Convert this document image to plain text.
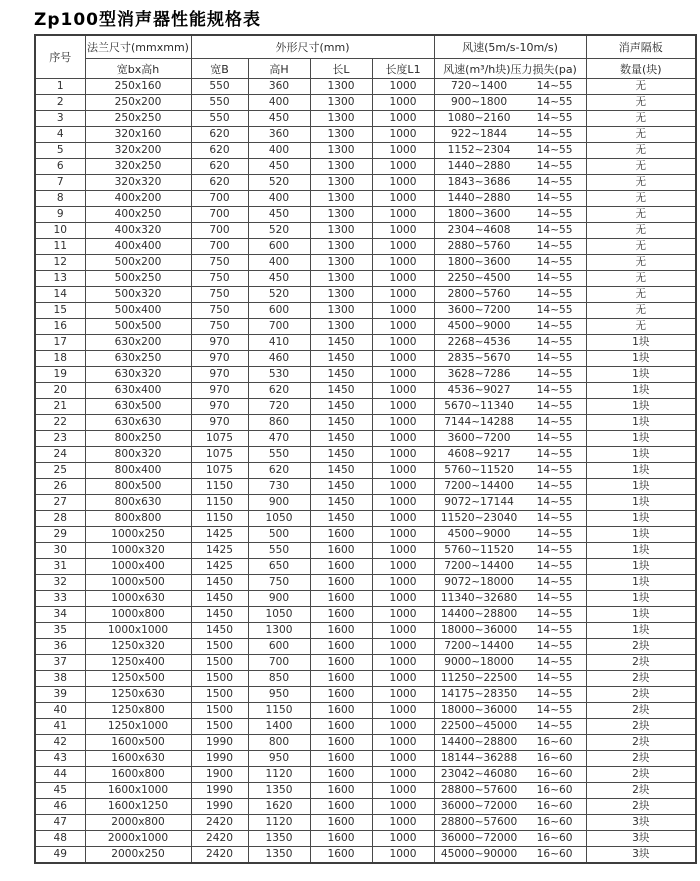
Zp100型消声器性能规格表
序号	法兰尺寸(mmxmm)	外形尺寸(mm)				风速(5m/s-10m/s)	消声隔板
	宽bx高h	宽B	高H	长L	长度L1	风速(m³/h块)压力损失(pa)	数量(块)
1	250x160	550	360	1300	1000	720~1400 14~55	无
2	250x200	550	400	1300	1000	900~1800 14~55	无
3	250x250	550	450	1300	1000	1080~2160 14~55	无
4	320x160	620	360	1300	1000	922~1844 14~55	无
5	320x200	620	400	1300	1000	1152~2304 14~55	无
6	320x250	620	450	1300	1000	1440~2880 14~55	无
7	320x320	620	520	1300	1000	1843~3686 14~55	无
8	400x200	700	400	1300	1000	1440~2880 14~55	无
9	400x250	700	450	1300	1000	1800~3600 14~55	无
10	400x320	700	520	1300	1000	2304~4608 14~55	无
11	400x400	700	600	1300	1000	2880~5760 14~55	无
12	500x200	750	400	1300	1000	1800~3600 14~55	无
13	500x250	750	450	1300	1000	2250~4500 14~55	无
14	500x320	750	520	1300	1000	2800~5760 14~55	无
15	500x400	750	600	1300	1000	3600~7200 14~55	无
16	500x500	750	700	1300	1000	4500~9000 14~55	无
17	630x200	970	410	1450	1000	2268~4536 14~55	1块
18	630x250	970	460	1450	1000	2835~5670 14~55	1块
19	630x320	970	530	1450	1000	3628~7286 14~55	1块
20	630x400	970	620	1450	1000	4536~9027 14~55	1块
21	630x500	970	720	1450	1000	5670~11340 14~55	1块
22	630x630	970	860	1450	1000	7144~14288 14~55	1块
23	800x250	1075	470	1450	1000	3600~7200 14~55	1块
24	800x320	1075	550	1450	1000	4608~9217 14~55	1块
25	800x400	1075	620	1450	1000	5760~11520 14~55	1块
26	800x500	1150	730	1450	1000	7200~14400 14~55	1块
27	800x630	1150	900	1450	1000	9072~17144 14~55	1块
28	800x800	1150	1050	1450	1000	11520~23040 14~55	1块
29	1000x250	1425	500	1600	1000	4500~9000 14~55	1块
30	1000x320	1425	550	1600	1000	5760~11520 14~55	1块
31	1000x400	1425	650	1600	1000	7200~14400 14~55	1块
32	1000x500	1450	750	1600	1000	9072~18000 14~55	1块
33	1000x630	1450	900	1600	1000	11340~32680 14~55	1块
34	1000x800	1450	1050	1600	1000	14400~28800 14~55	1块
35	1000x1000	1450	1300	1600	1000	18000~36000 14~55	1块
36	1250x320	1500	600	1600	1000	7200~14400 14~55	2块
37	1250x400	1500	700	1600	1000	9000~18000 14~55	2块
38	1250x500	1500	850	1600	1000	11250~22500 14~55	2块
39	1250x630	1500	950	1600	1000	14175~28350 14~55	2块
40	1250x800	1500	1150	1600	1000	18000~36000 14~55	2块
41	1250x1000	1500	1400	1600	1000	22500~45000 14~55	2块
42	1600x500	1990	800	1600	1000	14400~28800 16~60	2块
43	1600x630	1990	950	1600	1000	18144~36288 16~60	2块
44	1600x800	1900	1120	1600	1000	23042~46080 16~60	2块
45	1600x1000	1990	1350	1600	1000	28800~57600 16~60	2块
46	1600x1250	1990	1620	1600	1000	36000~72000 16~60	2块
47	2000x800	2420	1120	1600	1000	28800~57600 16~60	3块
48	2000x1000	2420	1350	1600	1000	36000~72000 16~60	3块
49	2000x250	2420	1350	1600	1000	45000~90000 16~60	3块
